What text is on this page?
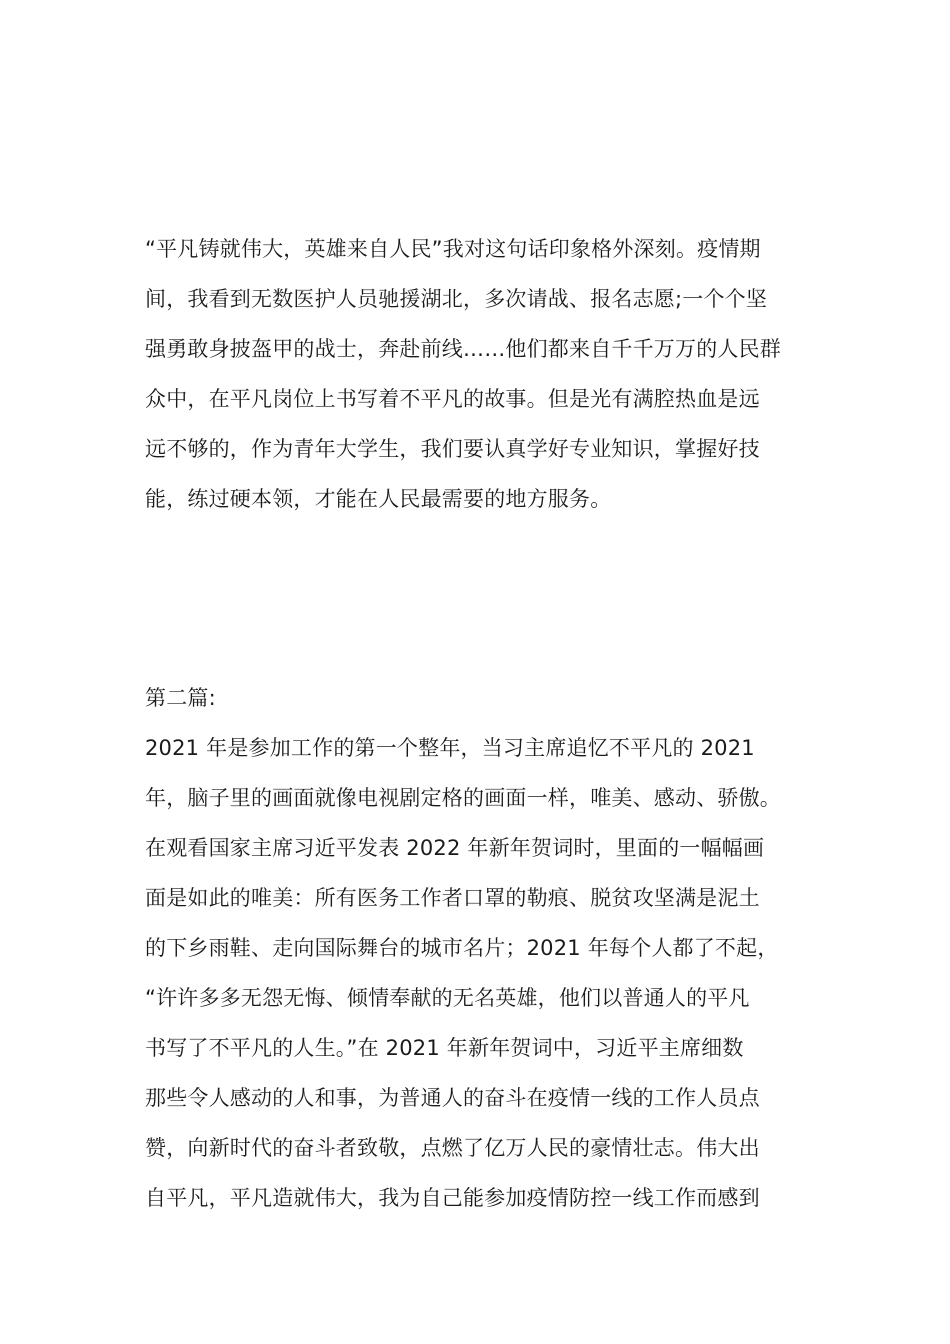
“平凡铸就伟大，英雄来自人民”我对这句话印象格外深刻。疫情期
间，我看到无数医护人员驰援湖北，多次请战、报名志愿;一个个坚
强勇敢身披盔甲的战士，奔赴前线……他们都来自千千万万的人民群
众中，在平凡岗位上书写着不平凡的故事。但是光有满腔热血是远
远不够的，作为青年大学生，我们要认真学好专业知识，掌握好技
能，练过硬本领，才能在人民最需要的地方服务。
第二篇:
2021 年是参加工作的第一个整年，当习主席追忆不平凡的 2021
年，脑子里的画面就像电视剧定格的画面一样，唯美、感动、骄傲。
在观看国家主席习近平发表 2022 年新年贺词时，里面的一幅幅画
面是如此的唯美：所有医务工作者口罩的勒痕、脱贫攻坚满是泥土
的下乡雨鞋、走向国际舞台的城市名片；2021 年每个人都了不起，
“许许多多无怨无悔、倾情奉献的无名英雄，他们以普通人的平凡
书写了不平凡的人生。”在 2021 年新年贺词中，习近平主席细数
那些令人感动的人和事，为普通人的奋斗在疫情一线的工作人员点
赞，向新时代的奋斗者致敬，点燃了亿万人民的豪情壮志。伟大出
自平凡，平凡造就伟大，我为自己能参加疫情防控一线工作而感到
